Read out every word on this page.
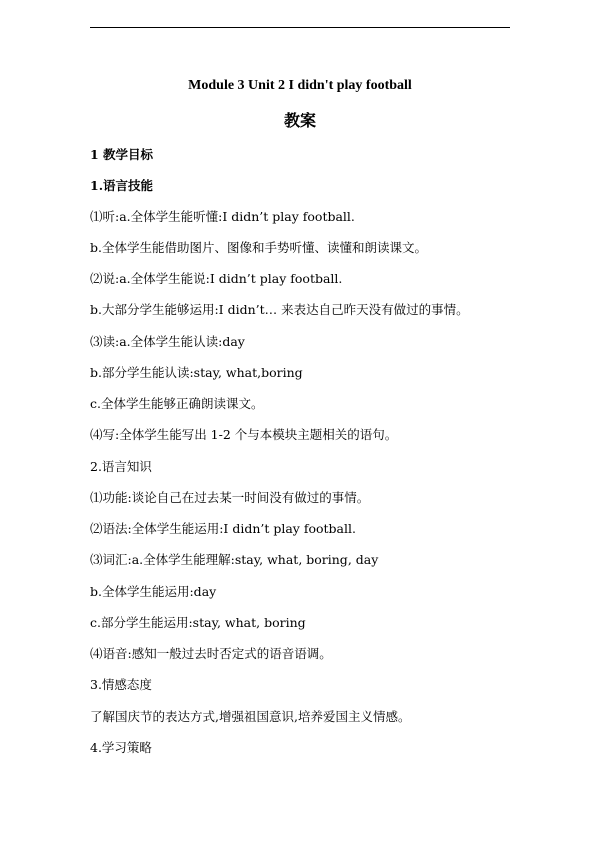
Module 3 Unit 2 I didn't play football
教案
1 教学目标
1.语言技能
⑴听:a.全体学生能听懂:I didn’t play football.
b.全体学生能借助图片、图像和手势听懂、读懂和朗读课文。
⑵说:a.全体学生能说:I didn’t play football.
b.大部分学生能够运用:I didn’t… 来表达自己昨天没有做过的事情。
⑶读:a.全体学生能认读:day
b.部分学生能认读:stay, what,boring
c.全体学生能够正确朗读课文。
⑷写:全体学生能写出 1-2 个与本模块主题相关的语句。
2.语言知识
⑴功能:谈论自己在过去某一时间没有做过的事情。
⑵语法:全体学生能运用:I didn’t play football.
⑶词汇:a.全体学生能理解:stay, what, boring, day
b.全体学生能运用:day
c.部分学生能运用:stay, what, boring
⑷语音:感知一般过去时否定式的语音语调。
3.情感态度
了解国庆节的表达方式,增强祖国意识,培养爱国主义情感。
4.学习策略
